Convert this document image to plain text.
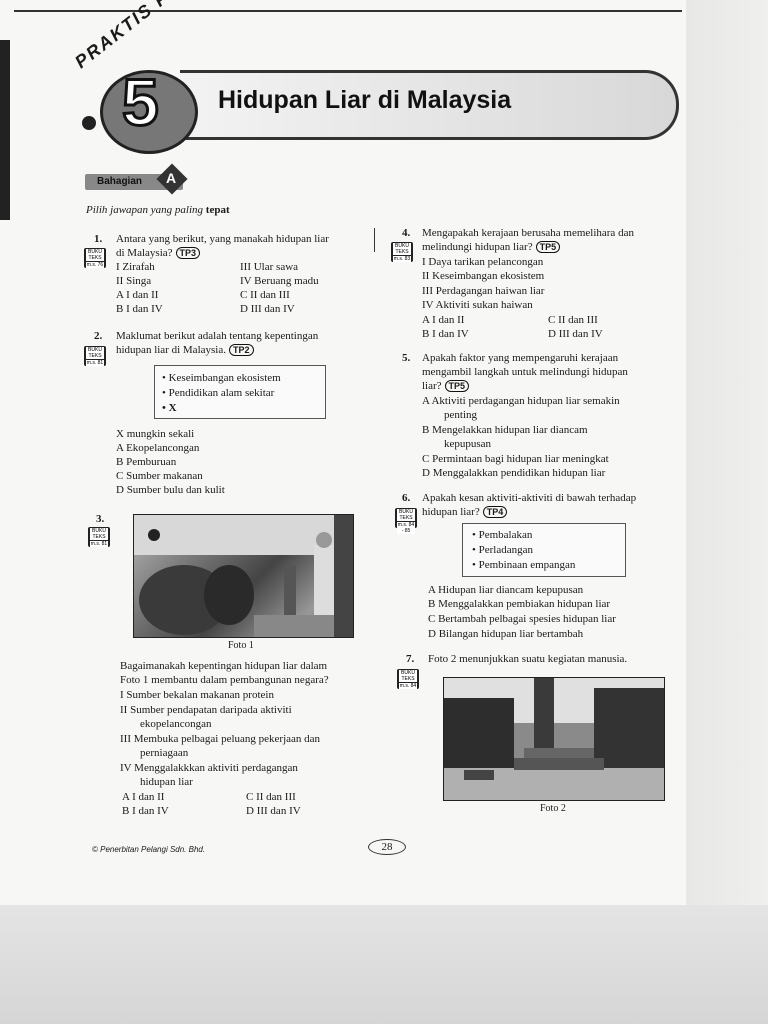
Hidupan Liar di Malaysia
5
Bahagian	A
Pilih jawapan yang paling tepat
1. Antara yang berikut, yang manakah hidupan liar
di Malaysia? TP3
BUKU TEKS
m.s. 76 I Zirafah	III Ular sawa
II Singa	IV Beruang madu
A I dan II	C II dan III
B I dan IV	D III dan IV
2. Maklumat berikut adalah tentang kepentingan
hidupan liar di Malaysia. TP2
BUKU TEKS
m.s. 81
• Keseimbangan ekosistem
• Pendidikan alam sekitar
• X
X mungkin sekali
A Ekopelancongan
B Pemburuan
C Sumber makanan
D Sumber bulu dan kulit
3.
BUKU TEKS
m.s. 81
Foto 1
Bagaimanakah kepentingan hidupan liar dalam
Foto 1 membantu dalam pembangunan negara?
I Sumber bekalan makanan protein
II Sumber pendapatan daripada aktiviti
ekopelancongan
III Membuka pelbagai peluang pekerjaan dan
perniagaan
IV Menggalakkkan aktiviti perdagangan
hidupan liar
A I dan II	C II dan III
B I dan IV	D III dan IV
4. Mengapakah kerajaan berusaha memelihara dan
melindungi hidupan liar? TP5
BUKU TEKS
m.s. 83 I Daya tarikan pelancongan
II Keseimbangan ekosistem
III Perdagangan haiwan liar
IV Aktiviti sukan haiwan
A I dan II	C II dan III
B I dan IV	D III dan IV
5. Apakah faktor yang mempengaruhi kerajaan
mengambil langkah untuk melindungi hidupan
liar? TP5
A Aktiviti perdagangan hidupan liar semakin
penting
B Mengelakkan hidupan liar diancam
kepupusan
C Permintaan bagi hidupan liar meningkat
D Menggalakkan pendidikan hidupan liar
6. Apakah kesan aktiviti-aktiviti di bawah terhadap
hidupan liar? TP4
BUKU TEKS
m.s. 84 - 85	• Pembalakan
• Perladangan
• Pembinaan empangan
A Hidupan liar diancam kepupusan
B Menggalakkan pembiakan hidupan liar
C Bertambah pelbagai spesies hidupan liar
D Bilangan hidupan liar bertambah
7. Foto 2 menunjukkan suatu kegiatan manusia.
BUKU TEKS
m.s. 84
Foto 2
© Penerbitan Pelangi Sdn. Bhd.	28
